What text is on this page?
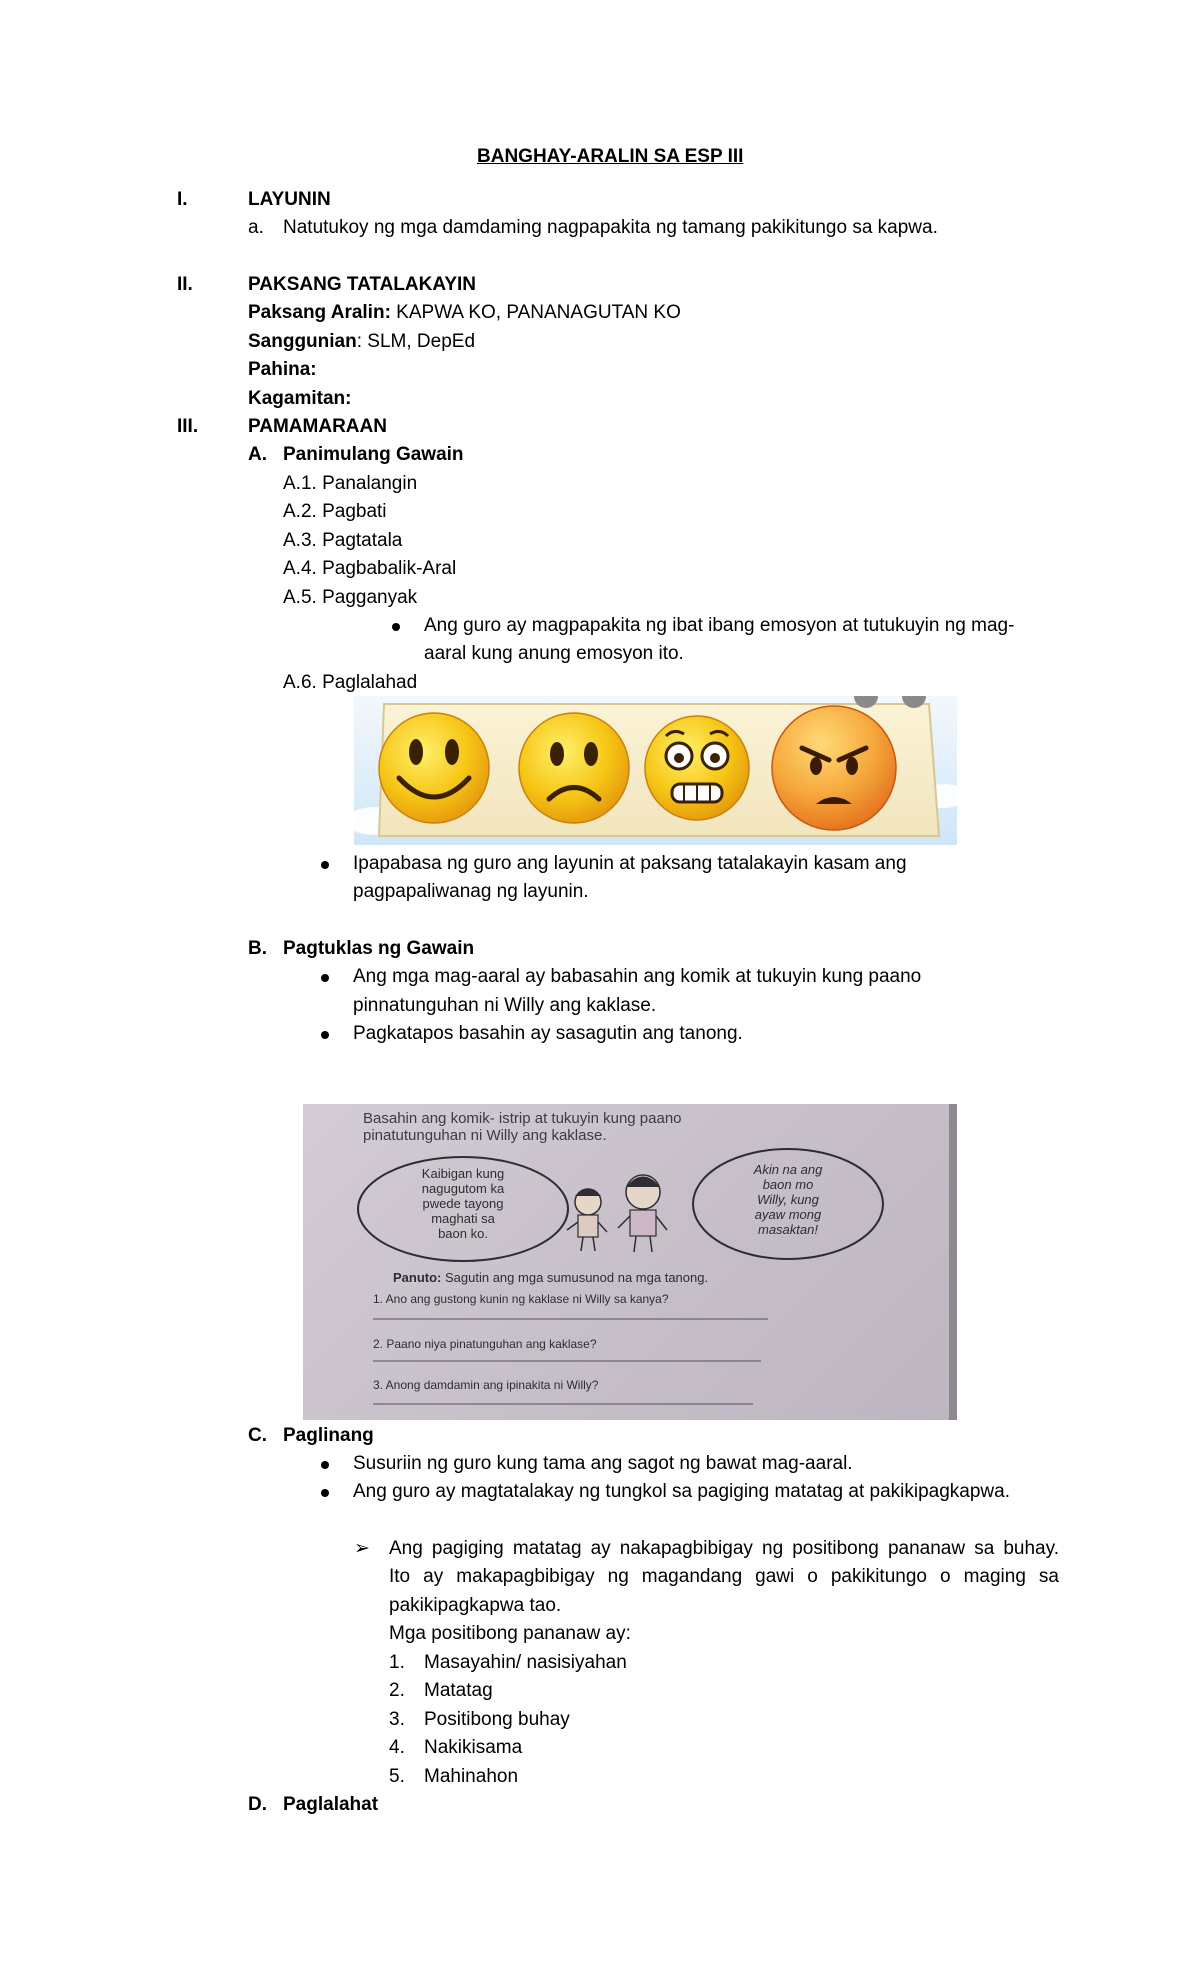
BANGHAY-ARALIN SA ESP III
I.	LAYUNIN
a. Natutukoy ng mga damdaming nagpapakita ng tamang pakikitungo sa kapwa.
II.	PAKSANG TATALAKAYIN
Paksang Aralin: KAPWA KO, PANANAGUTAN KO
Sanggunian: SLM, DepEd
Pahina:
Kagamitan:
III.	PAMAMARAAN
A. Panimulang Gawain
A.1. Panalangin
A.2. Pagbati
A.3. Pagtatala
A.4. Pagbabalik-Aral
A.5. Pagganyak
Ang guro ay magpapakita ng ibat ibang emosyon at tutukuyin ng mag-
aaral kung anung emosyon ito.
A.6. Paglalahad
Ipapabasa ng guro ang layunin at paksang tatalakayin kasam ang
pagpapaliwanag ng layunin.
B. Pagtuklas ng Gawain
Ang mga mag-aaral ay babasahin ang komik at tukuyin kung paano
pinnatunguhan ni Willy ang kaklase.
Pagkatapos basahin ay sasagutin ang tanong.
Basahin ang komik- istrip at tukuyin kung paano
pinatutunguhan ni Willy ang kaklase.
Kaibigan kung
nagugutom ka
pwede tayong
maghati sa
baon ko.
Akin na ang
baon mo
Willy, kung
ayaw mong
masaktan!
Panuto: Sagutin ang mga sumusunod na mga tanong.
1. Ano ang gustong kunin ng kaklase ni Willy sa kanya?
2. Paano niya pinatunguhan ang kaklase?
3. Anong damdamin ang ipinakita ni Willy?
C. Paglinang
Susuriin ng guro kung tama ang sagot ng bawat mag-aaral.
Ang guro ay magtatalakay ng tungkol sa pagiging matatag at pakikipagkapwa.
➢ Ang pagiging matatag ay nakapagbibigay ng positibong pananaw sa buhay.
Ito ay makapagbibigay ng magandang gawi o pakikitungo o maging sa
pakikipagkapwa tao.
Mga positibong pananaw ay:
1. Masayahin/ nasisiyahan
2. Matatag
3. Positibong buhay
4. Nakikisama
5. Mahinahon
D. Paglalahat
